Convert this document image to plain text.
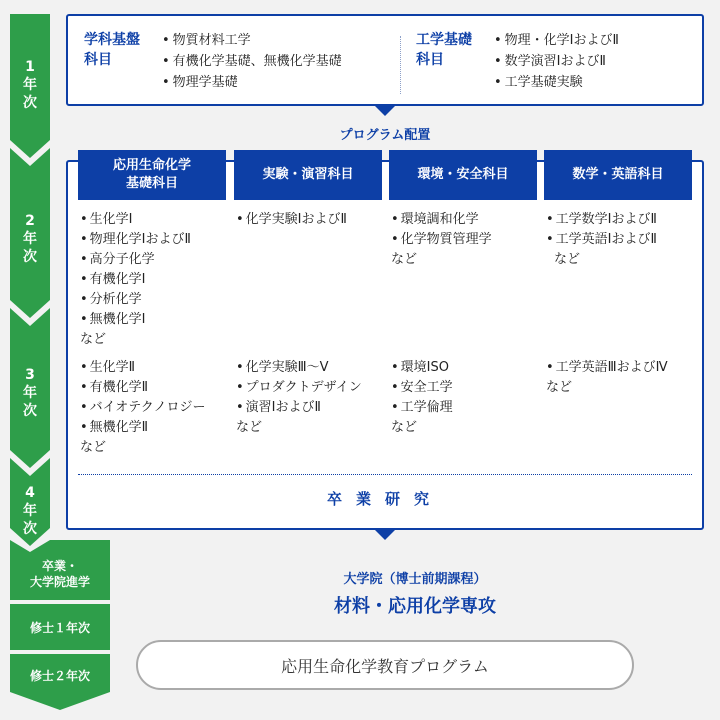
1
年
次
2
年
次
3
年
次
4
年
次
卒業・
大学院進学
修士１年次
修士２年次
学科基盤
科目
• 物質材料工学
• 有機化学基礎、無機化学基礎
• 物理学基礎
工学基礎
科目
• 物理・化学ⅠおよびⅡ
• 数学演習ⅠおよびⅡ
• 工学基礎実験
プログラム配置
応用生命化学
基礎科目
実験・演習科目	環境・安全科目	数学・英語科目
• 生化学Ⅰ
• 物理化学ⅠおよびⅡ
• 高分子化学
• 有機化学Ⅰ
• 分析化学
• 無機化学Ⅰ
など
• 化学実験ⅠおよびⅡ
•	環境調和化学
• 化学物質管理学
など
• 工学数学ⅠおよびⅡ
• 工学英語ⅠおよびⅡ
など
• 生化学Ⅱ
• 有機化学Ⅱ
• バイオテクノロジー
• 無機化学Ⅱ
など
• 化学実験Ⅲ〜Ⅴ
• プロダクトデザイン
• 演習ⅠおよびⅡ
など
• 環境ISO
• 安全工学
• 工学倫理
など
• 工学英語ⅢおよびⅣ
など
卒業研究
大学院（博士前期課程）
材料・応用化学専攻
応用生命化学教育プログラム
